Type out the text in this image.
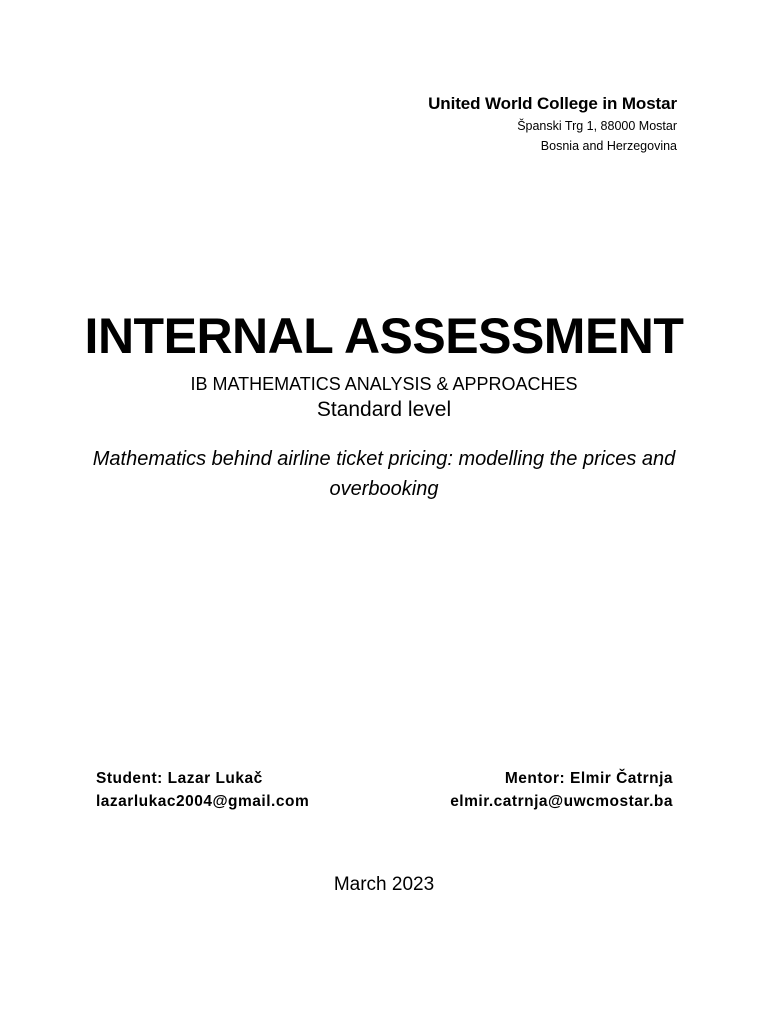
United World College in Mostar
Španski Trg 1, 88000 Mostar
Bosnia and Herzegovina
INTERNAL ASSESSMENT
IB MATHEMATICS ANALYSIS & APPROACHES
Standard level
Mathematics behind airline ticket pricing: modelling the prices and overbooking
Student: Lazar Lukač
lazarlukac2004@gmail.com
Mentor: Elmir Čatrnja
elmir.catrnja@uwcmostar.ba
March 2023
